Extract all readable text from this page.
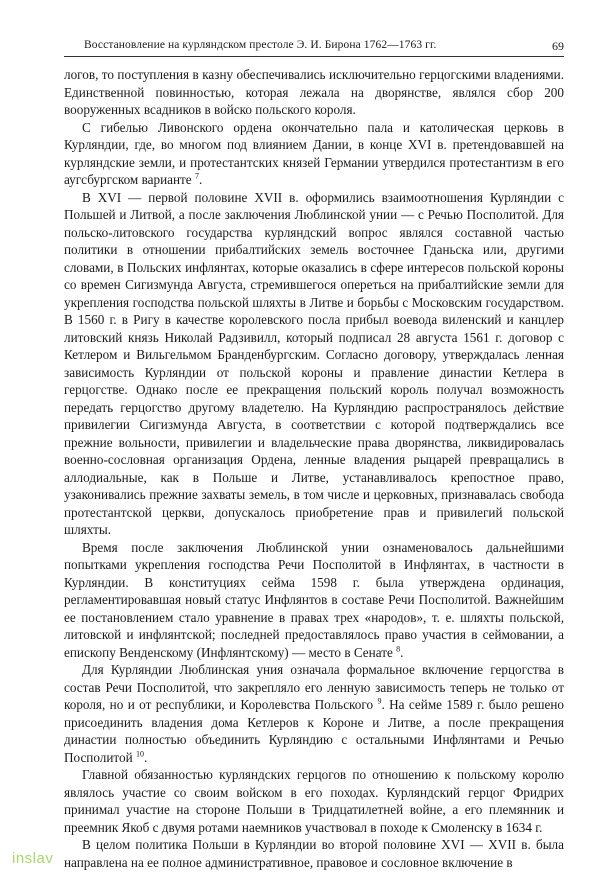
Восстановление на курляндском престоле Э. И. Бирона 1762—1763 гг.	69

логов, то поступления в казну обеспечивались исключительно герцогскими владениями. Единственной повинностью, которая лежала на дворянстве, являлся сбор 200 вооруженных всадников в войско польского короля.

С гибелью Ливонского ордена окончательно пала и католическая церковь в Курляндии, где, во многом под влиянием Дании, в конце XVI в. претендовавшей на курляндские земли, и протестантских князей Германии утвердился протестантизм в его аугсбургском варианте $^7$.

В XVI — первой половине XVII в. оформились взаимоотношения Курляндии с Польшей и Литвой, а после заключения Люблинской унии — с Речью Посполитой. Для польско-литовского государства курляндский вопрос являлся составной частью политики в отношении прибалтийских земель восточнее Гданьска или, другими словами, в Польских инфлянтах, которые оказались в сфере интересов польской короны со времен Сигизмунда Августа, стремившегося опереться на прибалтийские земли для укрепления господства польской шляхты в Литве и борьбы с Московским государством. В 1560 г. в Ригу в качестве королевского посла прибыл воевода виленский и канцлер литовский князь Николай Радзивилл, который подписал 28 августа 1561 г. договор с Кетлером и Вильгельмом Бранденбургским. Согласно договору, утверждалась ленная зависимость Курляндии от польской короны и правление династии Кетлера в герцогстве. Однако после ее прекращения польский король получал возможность передать герцогство другому владетелю. На Курляндию распространялось действие привилегии Сигизмунда Августа, в соответствии с которой подтверждались все прежние вольности, привилегии и владельческие права дворянства, ликвидировалась военно-сословная организация Ордена, ленные владения рыцарей превращались в аллодиальные, как в Польше и Литве, устанавливалось крепостное право, узаконивались прежние захваты земель, в том числе и церковных, признавалась свобода протестантской церкви, допускалось приобретение прав и привилегий польской шляхты.

Время после заключения Люблинской унии ознаменовалось дальнейшими попытками укрепления господства Речи Посполитой в Инфлянтах, в частности в Курляндии. В конституциях сейма 1598 г. была утверждена ординация, регламентировавшая новый статус Инфлянтов в составе Речи Посполитой. Важнейшим ее постановлением стало уравнение в правах трех «народов», т. е. шляхты польской, литовской и инфлянтской; последней предоставлялось право участия в сеймовании, а епископу Венденскому (Инфлянтскому) — место в Сенате $^8$.

Для Курляндии Люблинская уния означала формальное включение герцогства в состав Речи Посполитой, что закрепляло его ленную зависимость теперь не только от короля, но и от республики, и Королевства Польского $^9$. На сейме 1589 г. было решено присоединить владения дома Кетлеров к Короне и Литве, а после прекращения династии полностью объединить Курляндию с остальными Инфлянтами и Речью Посполитой $^{10}$.

Главной обязанностью курляндских герцогов по отношению к польскому королю являлось участие со своим войском в его походах. Курляндский герцог Фридрих принимал участие на стороне Польши в Тридцатилетней войне, а его племянник и преемник Якоб с двумя ротами наемников участвовал в походе к Смоленску в 1634 г.

В целом политика Польши в Курляндии во второй половине XVI — XVII в. была направлена на ее полное административное, правовое и сословное включение в

inslav
